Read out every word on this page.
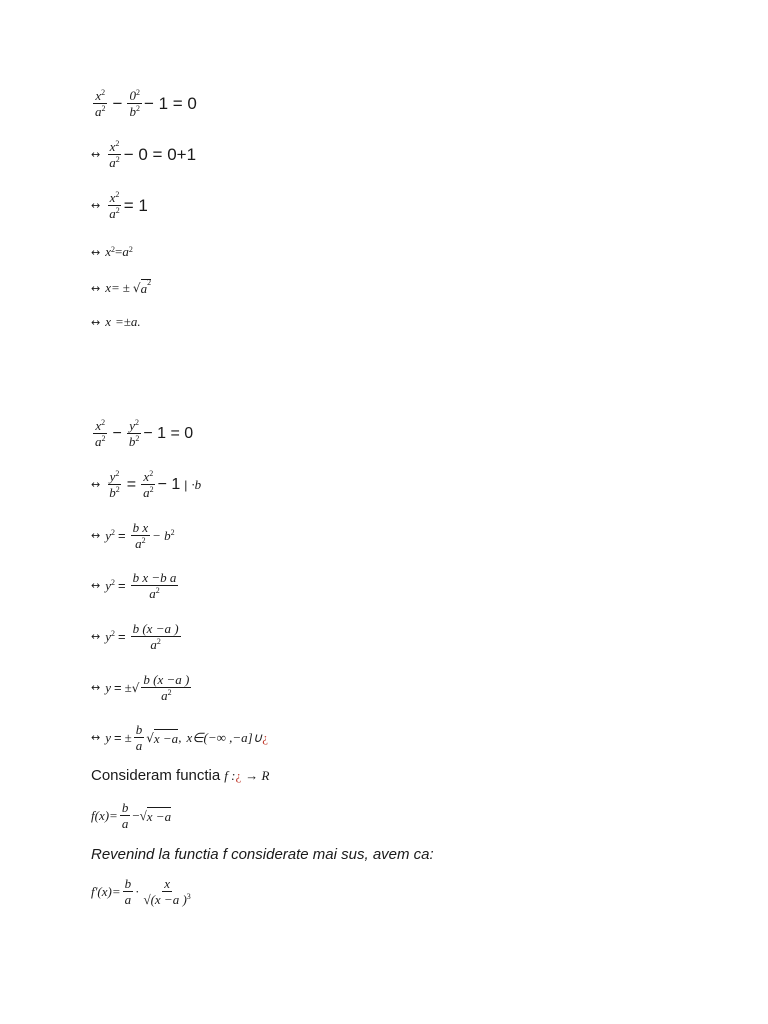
$\frac{x^2}{a^2} - \frac{0^2}{b^2} - 1 = 0$
↔ $\frac{x^2}{a^2} - 0 = 0+1$
↔ $\frac{x^2}{a^2} = 1$
↔ x 2 = a 2
↔ x= ± √ $a^2$
↔ x =±a.
$\frac{x^2}{a^2} - \frac{y^2}{b^2} - 1 = 0$
↔ $\frac{y^2}{b^2} = \frac{x^2}{a^2} - 1$ | ·b
↔ y $2 = \frac{\text{b x}}{a^2} - b$ 2
↔ y $2 = \frac{\text{b x −b a}}{a^2}$
↔ y $2 = \frac{b (x -a )}{a^2}$
↔ y = ± √ $\frac{b (x -a )}{a^2}$
↔ y = ± $\frac{b}{a}$ √ x −a , x∈(−∞ ,−a]∪ ¿
Consideram functia f : ¿ → R
$f(x)= \frac{b}{a}$ −√ x −a
Revenind la functia f considerate mai sus, avem ca:
$f'(x)= \frac{b}{a} \cdot \frac{x}{√(x -a )^3}$
